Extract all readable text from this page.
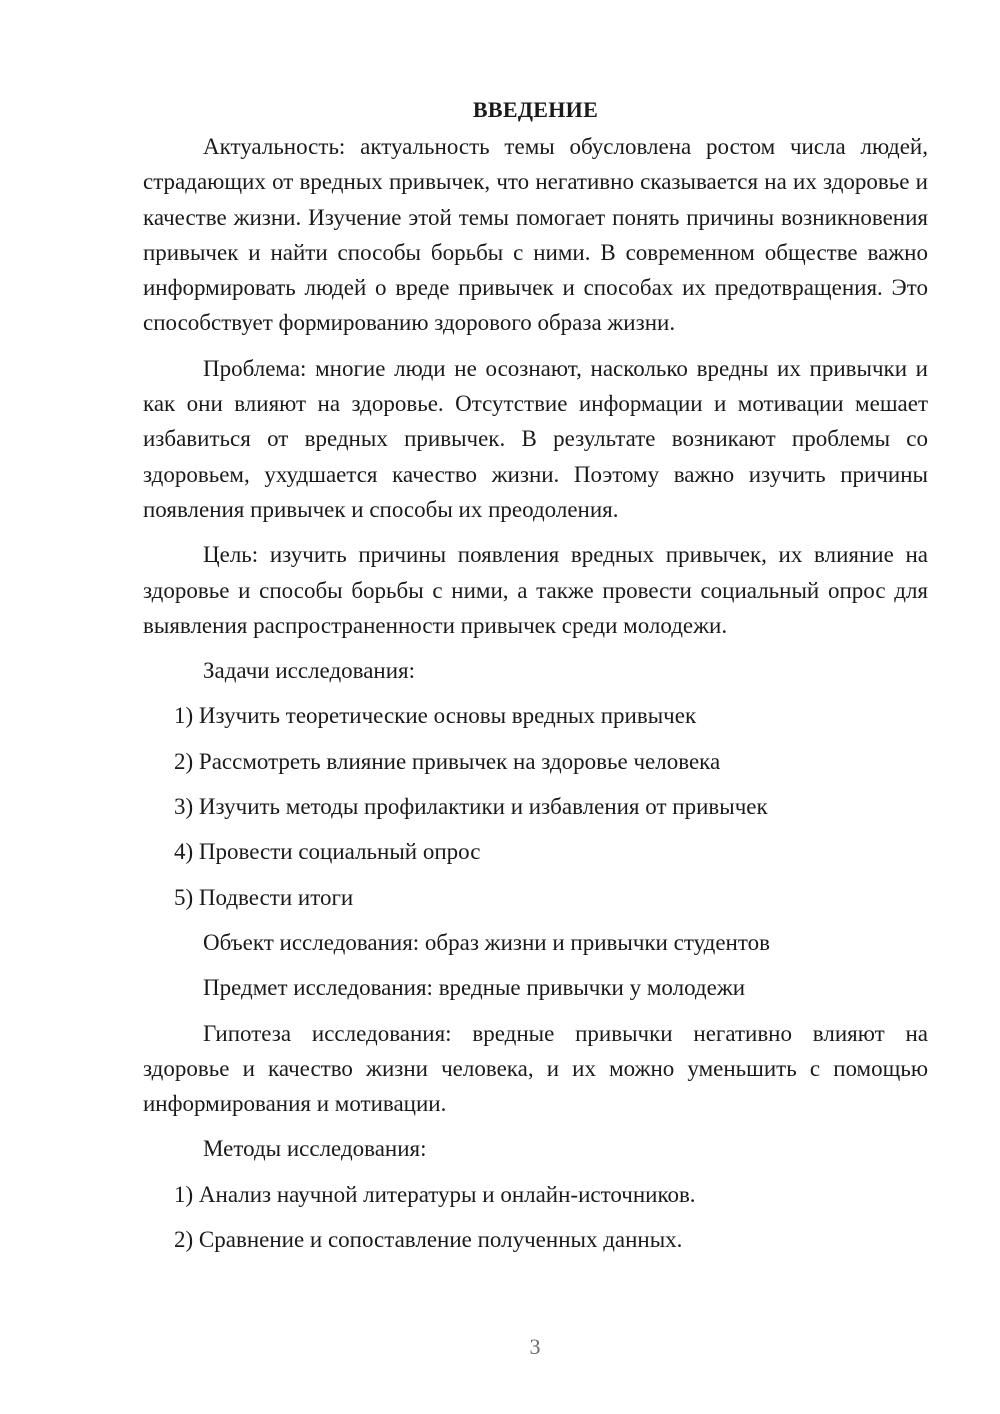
ВВЕДЕНИЕ

Актуальность: актуальность темы обусловлена ростом числа людей, страдающих от вредных привычек, что негативно сказывается на их здоровье и качестве жизни. Изучение этой темы помогает понять причины возникновения привычек и найти способы борьбы с ними. В современном обществе важно информировать людей о вреде привычек и способах их предотвращения. Это способствует формированию здорового образа жизни.

Проблема: многие люди не осознают, насколько вредны их привычки и как они влияют на здоровье. Отсутствие информации и мотивации мешает избавиться от вредных привычек. В результате возникают проблемы со здоровьем, ухудшается качество жизни. Поэтому важно изучить причины появления привычек и способы их преодоления.

Цель: изучить причины появления вредных привычек, их влияние на здоровье и способы борьбы с ними, а также провести социальный опрос для выявления распространенности привычек среди молодежи.

Задачи исследования:

1) Изучить теоретические основы вредных привычек

2) Рассмотреть влияние привычек на здоровье человека

3) Изучить методы профилактики и избавления от привычек

4) Провести социальный опрос

5) Подвести итоги

Объект исследования: образ жизни и привычки студентов

Предмет исследования: вредные привычки у молодежи

Гипотеза исследования: вредные привычки негативно влияют на здоровье и качество жизни человека, и их можно уменьшить с помощью информирования и мотивации.

Методы исследования:

1) Анализ научной литературы и онлайн-источников.

2) Сравнение и сопоставление полученных данных.

3
